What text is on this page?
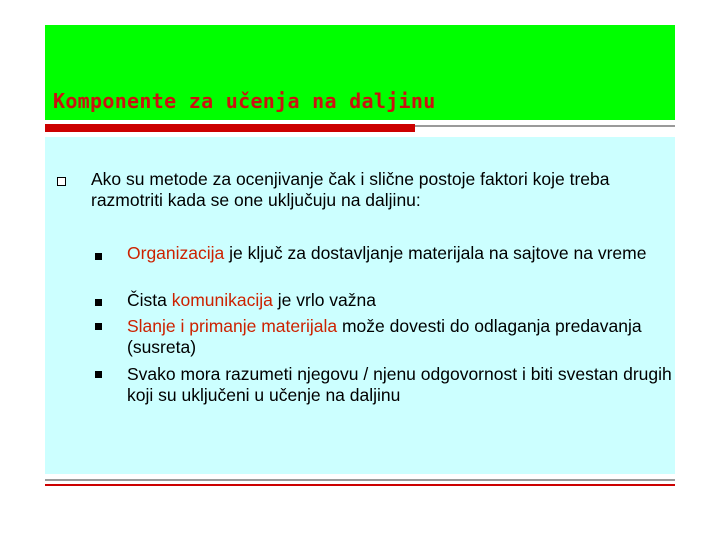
Komponente za učenja na daljinu
Ako su metode za ocenjivanje čak i slične postoje faktori koje treba razmotriti kada se one uključuju na daljinu:
Organizacija je ključ za dostavljanje materijala na sajtove na vreme
Čista komunikacija je vrlo važna
Slanje i primanje materijala može dovesti do odlaganja predavanja (susreta)
Svako mora razumeti njegovu / njenu odgovornost i biti svestan drugih koji su uključeni u učenje na daljinu
